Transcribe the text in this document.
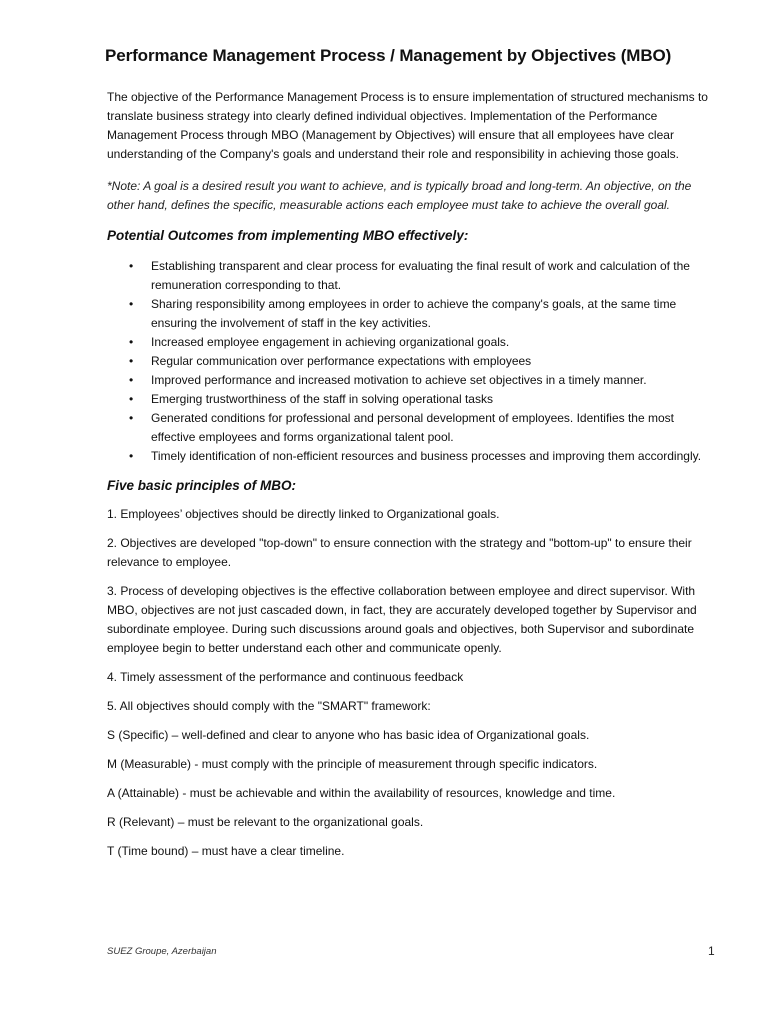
Performance Management Process / Management by Objectives (MBO)

The objective of the Performance Management Process is to ensure implementation of structured mechanisms to translate business strategy into clearly defined individual objectives. Implementation of the Performance Management Process through MBO (Management by Objectives) will ensure that all employees have clear understanding of the Company's goals and understand their role and responsibility in achieving those goals.

*Note: A goal is a desired result you want to achieve, and is typically broad and long-term. An objective, on the other hand, defines the specific, measurable actions each employee must take to achieve the overall goal.

Potential Outcomes from implementing MBO effectively:
• Establishing transparent and clear process for evaluating the final result of work and calculation of the remuneration corresponding to that.
• Sharing responsibility among employees in order to achieve the company's goals, at the same time ensuring the involvement of staff in the key activities.
• Increased employee engagement in achieving organizational goals.
• Regular communication over performance expectations with employees
• Improved performance and increased motivation to achieve set objectives in a timely manner.
• Emerging trustworthiness of the staff in solving operational tasks
• Generated conditions for professional and personal development of employees. Identifies the most effective employees and forms organizational talent pool.
• Timely identification of non-efficient resources and business processes and improving them accordingly.
Five basic principles of MBO:

1. Employees’ objectives should be directly linked to Organizational goals.

2. Objectives are developed "top-down" to ensure connection with the strategy and "bottom-up" to ensure their relevance to employee.

3. Process of developing objectives is the effective collaboration between employee and direct supervisor. With MBO, objectives are not just cascaded down, in fact, they are accurately developed together by Supervisor and subordinate employee. During such discussions around goals and objectives, both Supervisor and subordinate employee begin to better understand each other and communicate openly.

4. Timely assessment of the performance and continuous feedback

5. All objectives should comply with the "SMART" framework:

S (Specific) – well-defined and clear to anyone who has basic idea of Organizational goals.

M (Measurable) - must comply with the principle of measurement through specific indicators.

A (Attainable) - must be achievable and within the availability of resources, knowledge and time.

R (Relevant) – must be relevant to the organizational goals.

T (Time bound) – must have a clear timeline.

SUEZ Groupe, Azerbaijan	1
